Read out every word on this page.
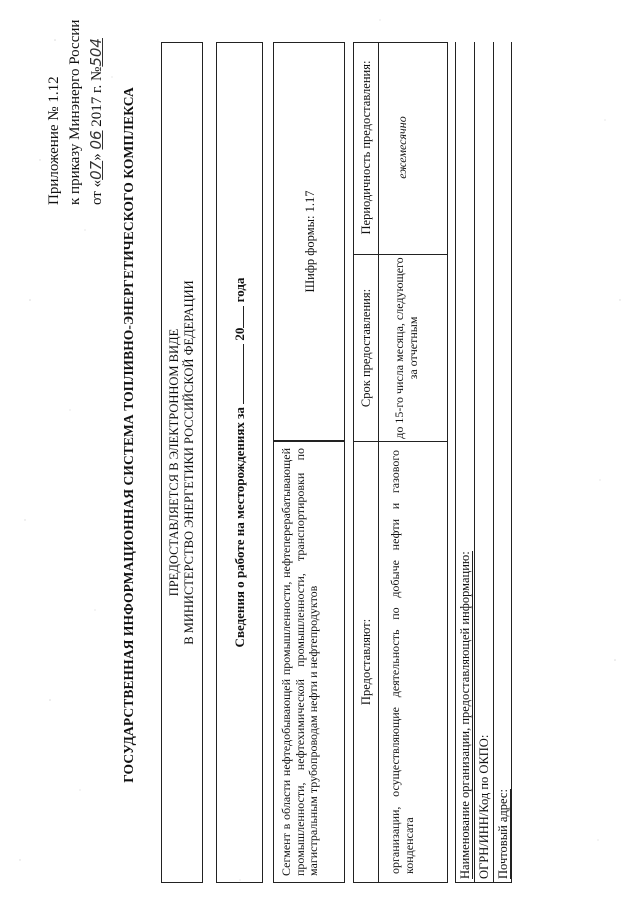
Приложение № 1.12 к приказу Минэнерго России от «07» 06 2017 г. №504
ГОСУДАРСТВЕННАЯ ИНФОРМАЦИОННАЯ СИСТЕМА ТОПЛИВНО-ЭНЕРГЕТИЧЕСКОГО КОМПЛЕКСА ПРЕДОСТАВЛЯЕТСЯ В ЭЛЕКТРОННОМ ВИДЕ В МИНИСТЕРСТВО ЭНЕРГЕТИКИ РОССИЙСКОЙ ФЕДЕРАЦИИ	Сведения о работе на месторождениях за  20 года
Сегмент в области нефтедобывающей промышленности, нефтеперерабатывающей промышленности, нефтехимической промышленности, транспортировки по магистральным трубопроводам нефти и нефтепродуктов
Шифр формы: 1.17
Предоставляют:
Срок предоставления:
Периодичность предоставления:
организации, осуществляющие деятельность по добыче нефти и газового конденсата
до 15-го числа месяца, следующего за отчетным
ежемесячно
Наименование организации, предоставляющей информацию: ОГРН/ИНН/Код по ОКПО: Почтовый адрес:
